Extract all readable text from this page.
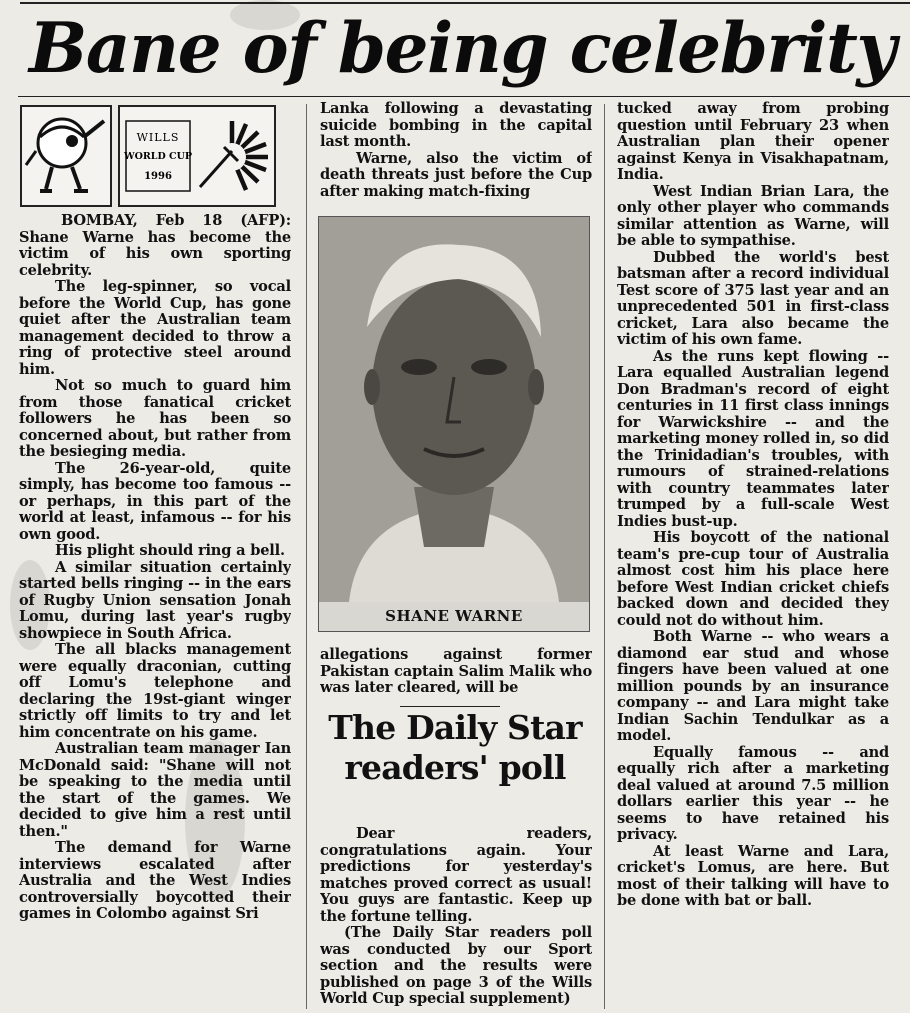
Bane of being celebrity
WILLS
WORLD CUP
1996

BOMBAY, Feb 18 (AFP): Shane Warne has become the victim of his own sporting celebrity.

The leg-spinner, so vocal before the World Cup, has gone quiet after the Australian team management decided to throw a ring of protective steel around him.

Not so much to guard him from those fanatical cricket followers he has been so concerned about, but rather from the besieging media.

The 26-year-old, quite simply, has become too famous -- or perhaps, in this part of the world at least, infamous -- for his own good.

His plight should ring a bell.

A similar situation certainly started bells ringing -- in the ears of Rugby Union sensation Jonah Lomu, during last year's rugby showpiece in South Africa.

The all blacks management were equally draconian, cutting off Lomu's telephone and declaring the 19st-giant winger strictly off limits to try and let him concentrate on his game.

Australian team manager Ian McDonald said: "Shane will not be speaking to the media until the start of the games. We decided to give him a rest until then."

The demand for Warne interviews escalated after Australia and the West Indies controversially boycotted their games in Colombo against Sri

Lanka following a devastating suicide bombing in the capital last month.

Warne, also the victim of death threats just before the Cup after making match-fixing

SHANE WARNE

allegations against former Pakistan captain Salim Malik who was later cleared, will be

The Daily Star
readers' poll

Dear readers, congratulations again. Your predictions for yesterday's matches proved correct as usual! You guys are fantastic. Keep up the fortune telling.

(The Daily Star readers poll was conducted by our Sport section and the results were published on page 3 of the Wills World Cup special supplement)

tucked away from probing question until February 23 when Australian plan their opener against Kenya in Visakhapatnam, India.

West Indian Brian Lara, the only other player who commands similar attention as Warne, will be able to sympathise.

Dubbed the world's best batsman after a record individual Test score of 375 last year and an unprecedented 501 in first-class cricket, Lara also became the victim of his own fame.

As the runs kept flowing -- Lara equalled Australian legend Don Bradman's record of eight centuries in 11 first class innings for Warwickshire -- and the marketing money rolled in, so did the Trinidadian's troubles, with rumours of strained-relations with country teammates later trumped by a full-scale West Indies bust-up.

His boycott of the national team's pre-cup tour of Australia almost cost him his place here before West Indian cricket chiefs backed down and decided they could not do without him.

Both Warne -- who wears a diamond ear stud and whose fingers have been valued at one million pounds by an insurance company -- and Lara might take Indian Sachin Tendulkar as a model.

Equally famous -- and equally rich after a marketing deal valued at around 7.5 million dollars earlier this year -- he seems to have retained his privacy.

At least Warne and Lara, cricket's Lomus, are here. But most of their talking will have to be done with bat or ball.
